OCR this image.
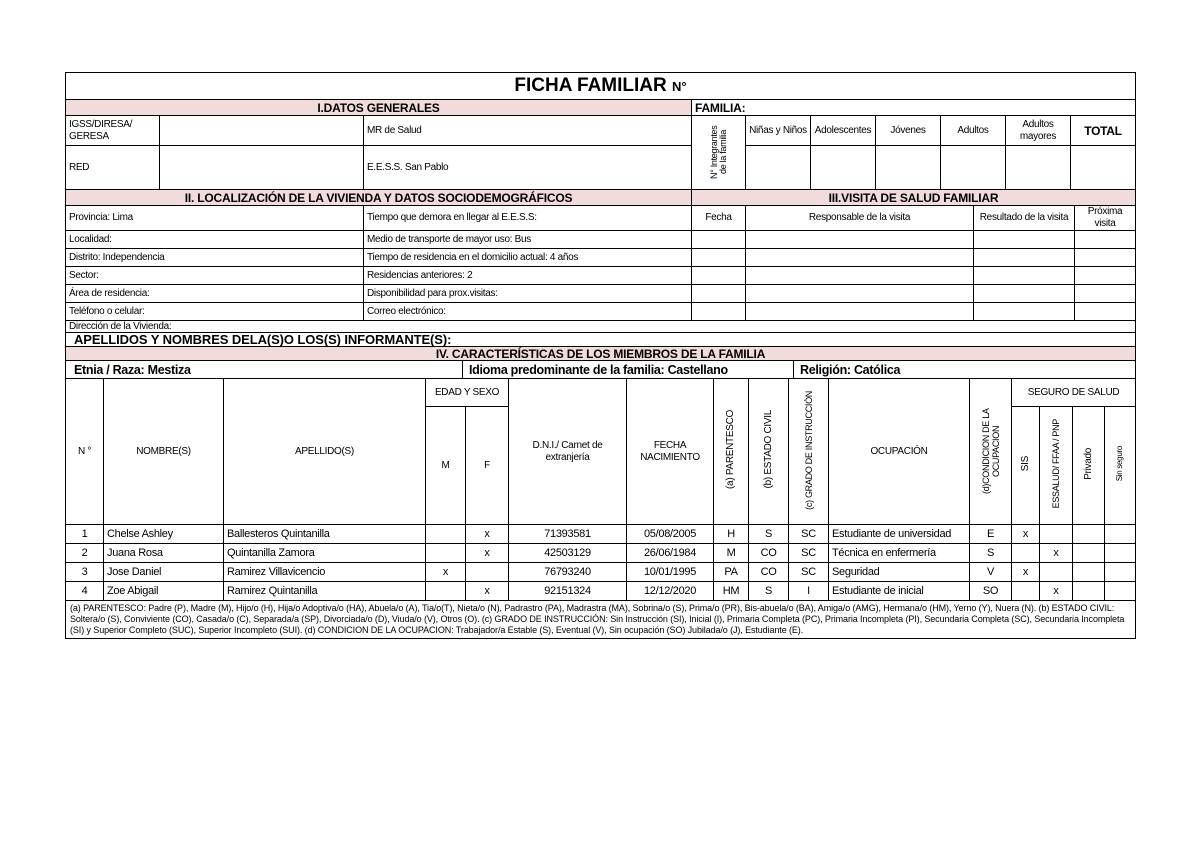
FICHA FAMILIAR N°									
I.DATOS GENERALES			FAMILIA:						
IGSS/DIRESA/ GERESA		MR de Salud	N° Integrantes de la familia	Niñas y Niños	Adolescentes	Jóvenes	Adultos	Adultos mayores	TOTAL
RED		E.E.S.S. San Pablo							
II. LOCALIZACIÓN DE LA VIVIENDA Y DATOS SOCIODEMOGRÁFICOS		III.VISITA DE SALUD FAMILIAR			
Provincia: Lima	Tiempo que demora en llegar al E.E.S.S:	Fecha	Responsable de la visita	Resultado de la visita	Próxima visita
Localidad:	Medio de transporte de mayor uso: Bus				
Distrito: Independencia	Tiempo de residencia en el domicilio actual: 4 años				
Sector:	Residencias anteriores: 2				
Área de residencia:	Disponibilidad para prox.visitas:				
Teléfono o celular:	Correo electrónico:				
Dirección de la Vivienda:					
APELLIDOS Y NOMBRES DELA(S)O LOS(S) INFORMANTE(S):					
IV. CARACTERÍSTICAS DE LOS MIEMBROS DE LA FAMILIA					
Etnia / Raza: Mestiza	Idioma predominante de la familia: Castellano	Religión: Católica
N °	NOMBRE(S)	APELLIDO(S)	EDAD Y SEXO		D.N.I./ Carnet de extranjería	FECHA NACIMIENTO	(a) PARENTESCO	(b) ESTADO CIVIL	(c) GRADO DE INSTRUCCIÓN	OCUPACIÓN	(d)CONDICION DE LA OCUPACION	SEGURO DE SALUD			
			M	F								SIS	ESSALUD/ FFAA / PNP	Privado	Sin seguro
1	Chelse Ashley	Ballesteros Quintanilla		x	71393581	05/08/2005	H	S	SC	Estudiante de universidad	E	x			
2	Juana Rosa	Quintanilla Zamora		x	42503129	26/06/1984	M	CO	SC	Técnica en enfermería	S		x		
3	Jose Daniel	Ramirez Villavicencio	x		76793240	10/01/1995	PA	CO	SC	Seguridad	V	x			
4	Zoe Abigail	Ramirez Quintanilla		x	92151324	12/12/2020	HM	S	I	Estudiante de inicial	SO		x		
(a) PARENTESCO: Padre (P), Madre (M), Hijo/o (H), Hija/o Adoptiva/o (HA), Abuela/o (A), Tia/o(T), Nieta/o (N), Padrastro (PA), Madrastra (MA), Sobrina/o (S), Prima/o (PR), Bis-abuela/o (BA), Amiga/o (AMG), Hermana/o (HM), Yerno (Y), Nuera (N). (b) ESTADO CIVIL: Soltera/o (S), Conviviente (CO), Casada/o (C), Separada/a (SP), Divorciada/o (D), Viuda/o (V), Otros (O). (c) GRADO DE INSTRUCCIÓN: Sin Instrucción (SI), Inicial (I), Primaria Completa (PC), Primaria Incompleta (PI), Secundaria Completa (SC), Secundaria Incompleta (SI) y Superior Completo (SUC), Superior Incompleto (SUI). (d) CONDICION DE LA OCUPACION: Trabajador/a Estable (S), Eventual (V), Sin ocupación (SO) Jubilada/o (J), Estudiante (E).															
